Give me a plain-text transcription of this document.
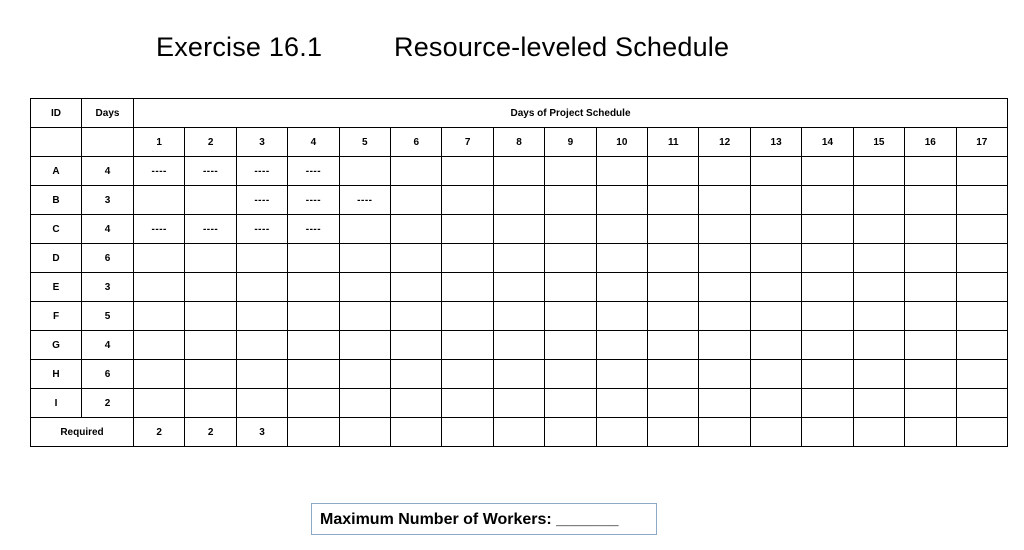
Exercise 16.1	Resource-leveled Schedule
ID	Days	Days of Project Schedule																
		1	2	3	4	5	6	7	8	9	10	11	12	13	14	15	16	17
A	4	----	----	----	----													
B	3			----	----	----												
C	4	----	----	----	----													
D	6																	
E	3																	
F	5																	
G	4																	
H	6																	
I	2																	
Required		2	2	3														
Maximum Number of Workers: _______
